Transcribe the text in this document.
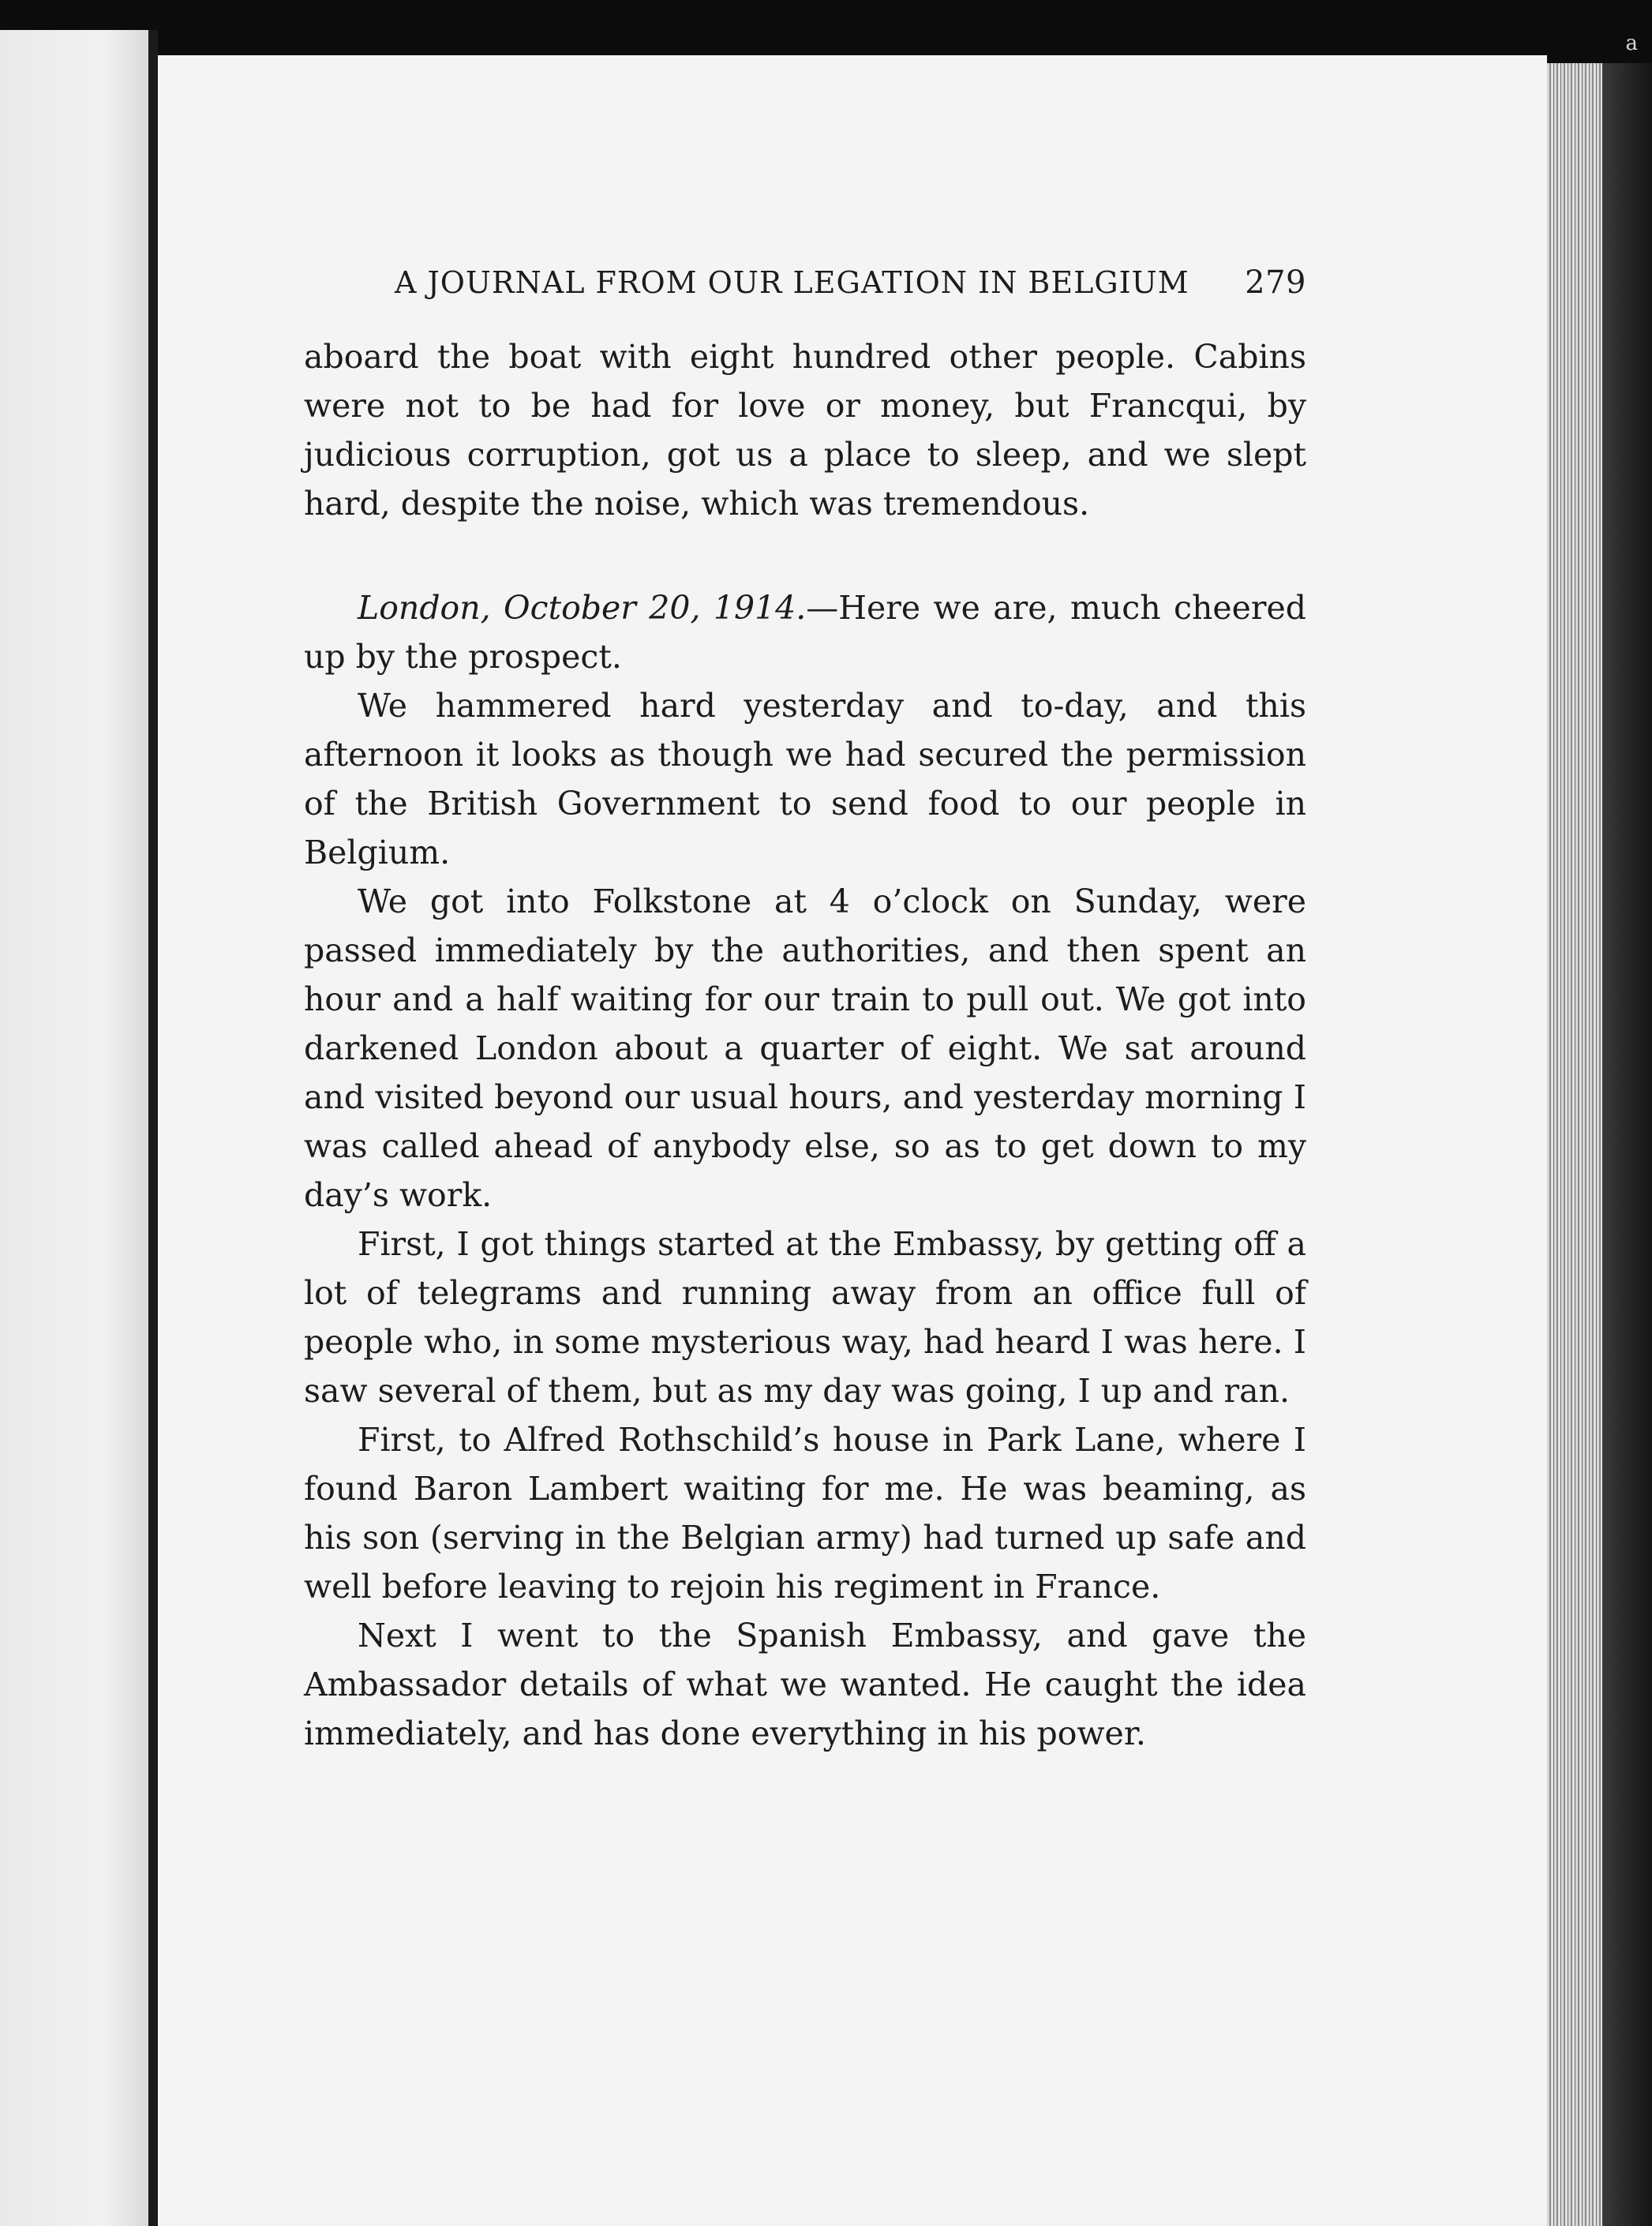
a
A JOURNAL FROM OUR LEGATION IN BELGIUM 279

aboard the boat with eight hundred other people. Cabins were not to be had for love or money, but Francqui, by judicious corruption, got us a place to sleep, and we slept hard, despite the noise, which was tremendous.

London, October 20, 1914.—Here we are, much cheered up by the prospect.

We hammered hard yesterday and to-day, and this afternoon it looks as though we had secured the permission of the British Government to send food to our people in Belgium.

We got into Folkstone at 4 o’clock on Sunday, were passed immediately by the authorities, and then spent an hour and a half waiting for our train to pull out. We got into darkened London about a quarter of eight. We sat around and visited beyond our usual hours, and yesterday morning I was called ahead of anybody else, so as to get down to my day’s work.

First, I got things started at the Embassy, by getting off a lot of telegrams and running away from an office full of people who, in some mysterious way, had heard I was here. I saw several of them, but as my day was going, I up and ran.

First, to Alfred Rothschild’s house in Park Lane, where I found Baron Lambert waiting for me. He was beaming, as his son (serving in the Belgian army) had turned up safe and well before leaving to rejoin his regiment in France.

Next I went to the Spanish Embassy, and gave the Ambassador details of what we wanted. He caught the idea immediately, and has done everything in his power.
